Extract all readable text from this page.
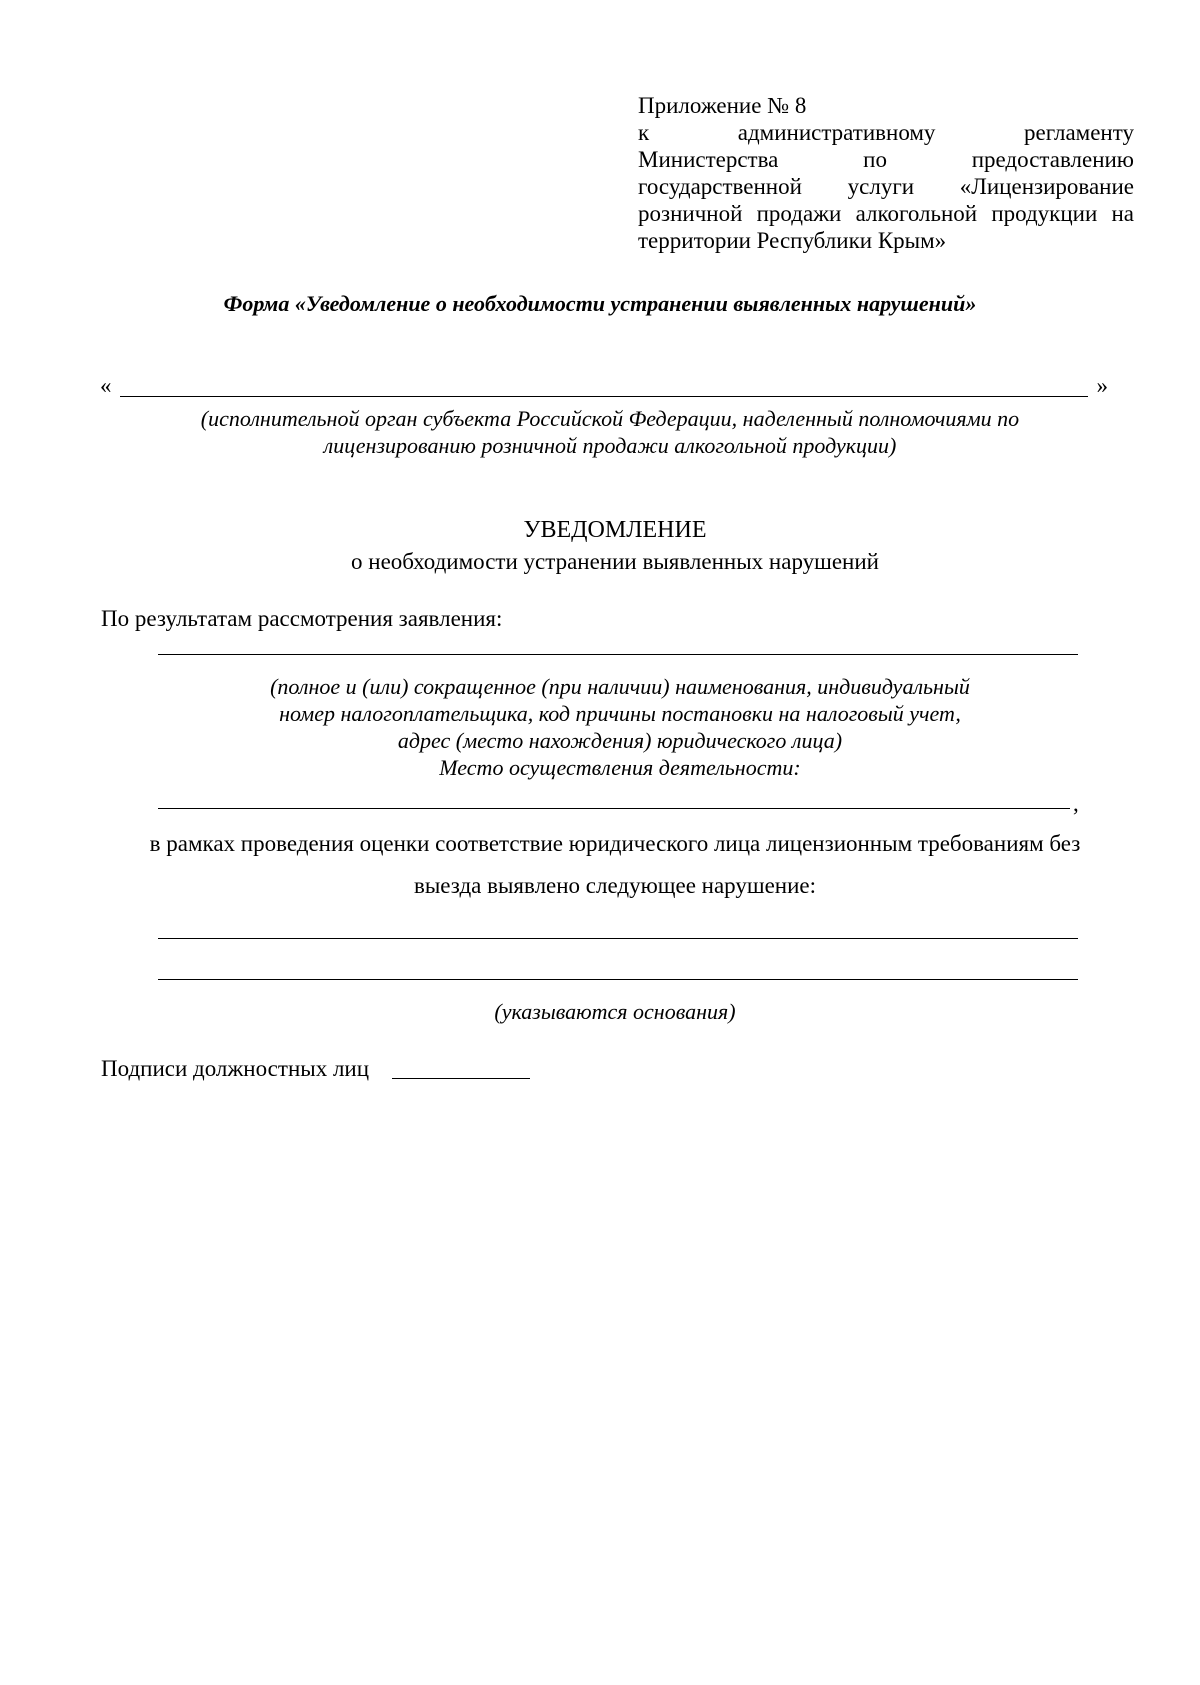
Приложение № 8
к административному регламенту
Министерства по предоставлению
государственной услуги «Лицензирование
розничной продажи алкогольной продукции на
территории Республики Крым»
Форма «Уведомление о необходимости устранении выявленных нарушений»
«	»
(исполнительной орган субъекта Российской Федерации, наделенный полномочиями по
лицензированию розничной продажи алкогольной продукции)
УВЕДОМЛЕНИЕ
о необходимости устранении выявленных нарушений
По результатам рассмотрения заявления:
(полное и (или) сокращенное (при наличии) наименования, индивидуальный
номер налогоплательщика, код причины постановки на налоговый учет,
адрес (место нахождения) юридического лица)
Место осуществления деятельности:
,
в рамках проведения оценки соответствие юридического лица лицензионным требованиям без
выезда выявлено следующее нарушение:
(указываются основания)
Подписи должностных лиц
